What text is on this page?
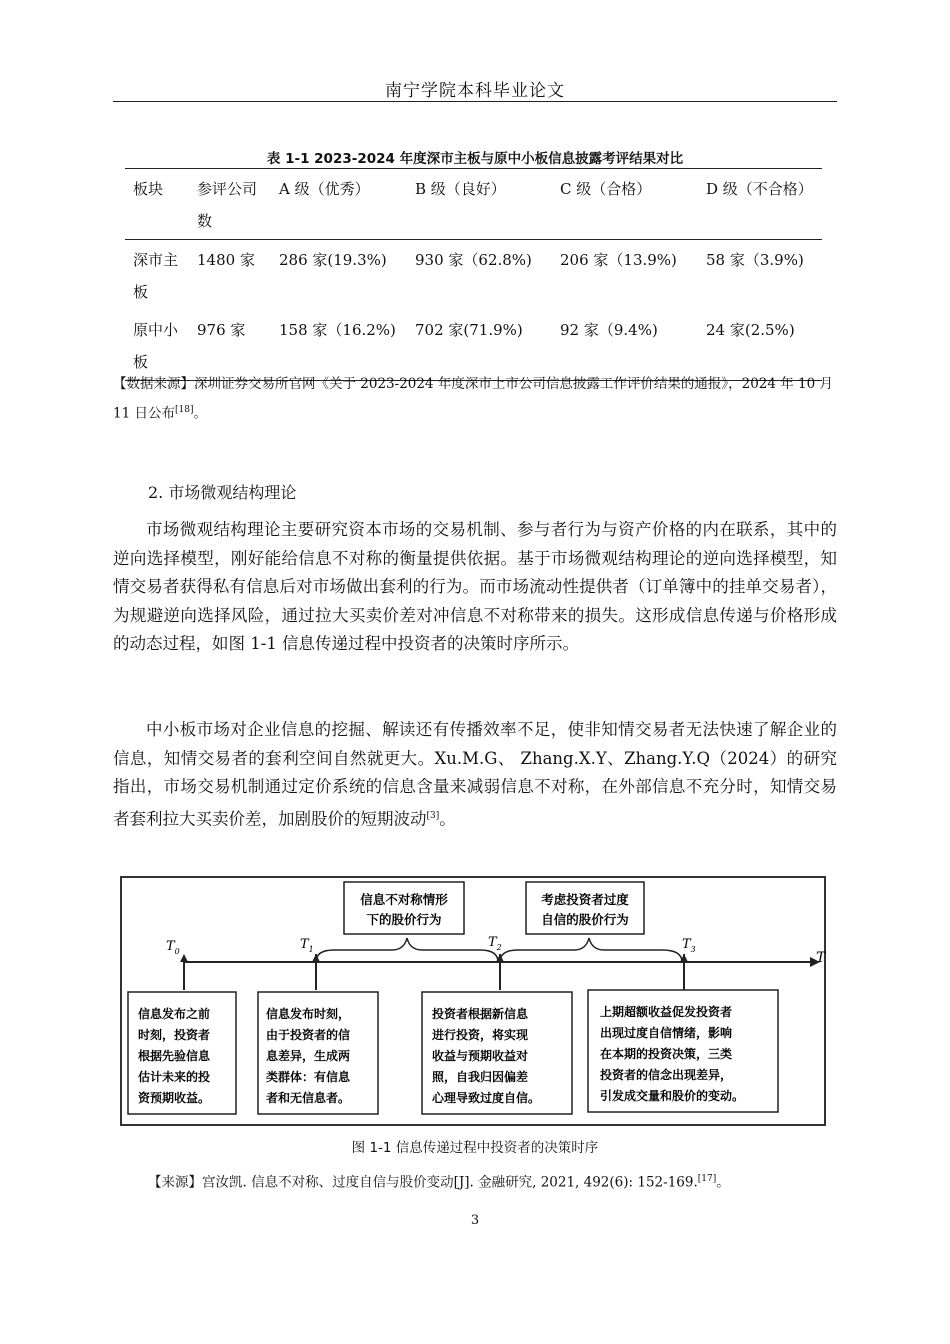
南宁学院本科毕业论文
表 1-1 2023-2024 年度深市主板与原中小板信息披露考评结果对比
板块	参评公司数	A 级（优秀）	B 级（良好）	C 级（合格）	D 级（不合格）
深市主板	1480 家	286 家(19.3%)	930 家（62.8%)	206 家（13.9%)	58 家（3.9%)
原中小板	976 家	158 家（16.2%)	702 家(71.9%)	92 家（9.4%)	24 家(2.5%)
【数据来源】深圳证券交易所官网《关于 2023-2024 年度深市上市公司信息披露工作评价结果的通报》，2024 年 10 月 11 日公布[18]。
2. 市场微观结构理论

市场微观结构理论主要研究资本市场的交易机制、参与者行为与资产价格的内在联系，其中的逆向选择模型，刚好能给信息不对称的衡量提供依据。基于市场微观结构理论的逆向选择模型，知情交易者获得私有信息后对市场做出套利的行为。而市场流动性提供者（订单簿中的挂单交易者），为规避逆向选择风险，通过拉大买卖价差对冲信息不对称带来的损失。这形成信息传递与价格形成的动态过程，如图 1-1 信息传递过程中投资者的决策时序所示。

中小板市场对企业信息的挖掘、解读还有传播效率不足，使非知情交易者无法快速了解企业的信息，知情交易者的套利空间自然就更大。Xu.M.G、 Zhang.X.Y、Zhang.Y.Q（2024）的研究指出，市场交易机制通过定价系统的信息含量来减弱信息不对称，在外部信息不充分时，知情交易者套利拉大买卖价差，加剧股价的短期波动[3]。

信息不对称情形
下的股价行为
考虑投资者过度
自信的股价行为
$T_0$	$T_1$	$T_2$	$T_3$
T
信息发布之前
时刻，投资者
根据先验信息
估计未来的投
资预期收益。
信息发布时刻，
由于投资者的信
息差异，生成两
类群体：有信息
者和无信息者。
投资者根据新信息
进行投资，将实现
收益与预期收益对
照，自我归因偏差
心理导致过度自信。
上期超额收益促发投资者
出现过度自信情绪，影响
在本期的投资决策，三类
投资者的信念出现差异，
引发成交量和股价的变动。
图 1-1 信息传递过程中投资者的决策时序
【来源】宫汝凯. 信息不对称、过度自信与股价变动[J]. 金融研究, 2021, 492(6): 152-169.[17]。
3
